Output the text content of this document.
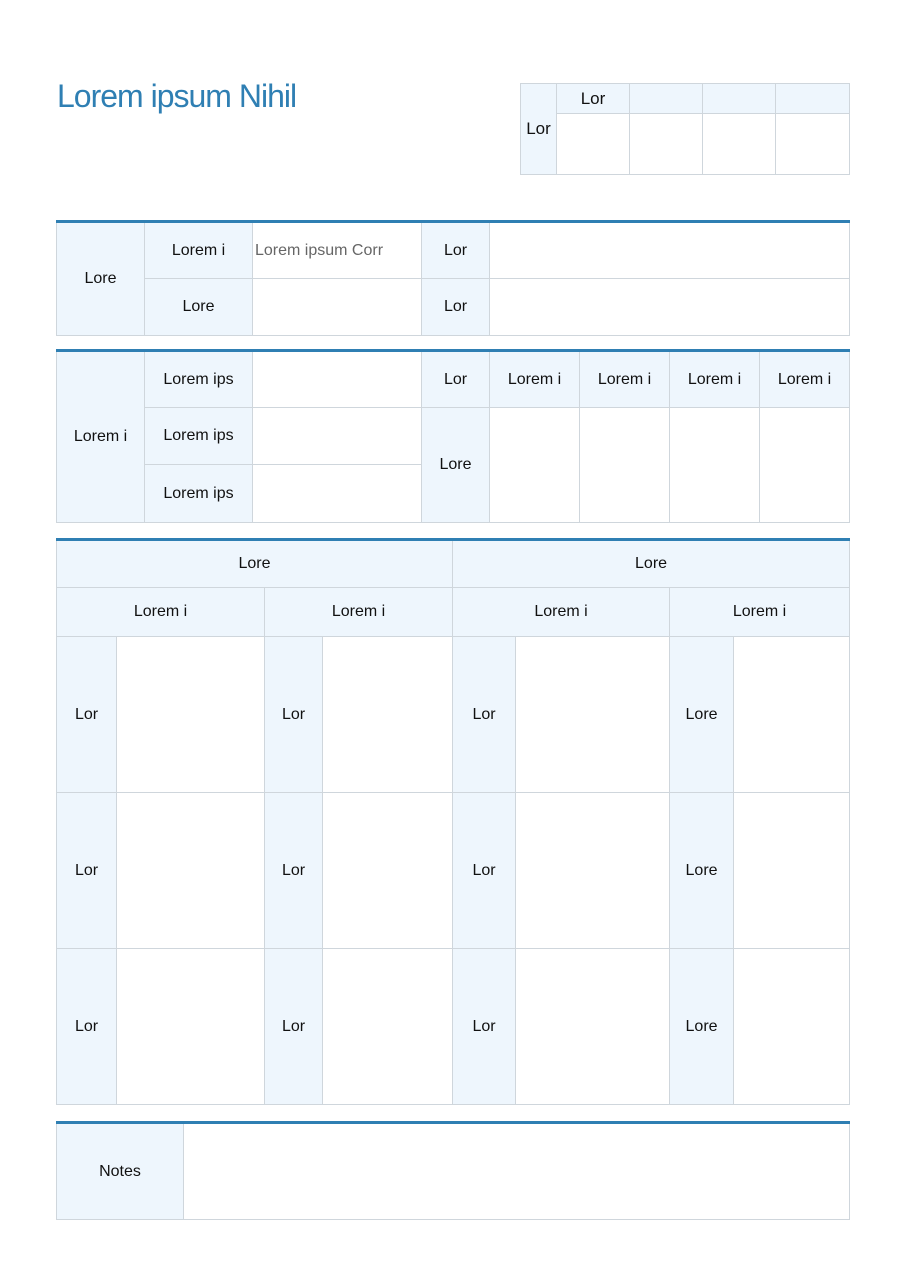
Lorem ipsum Nihil
Lor	Lor			

Lore	Lorem i	Lorem ipsum Corr	Lor	
	Lore		Lor	
Lorem i	Lorem ips		Lor	Lorem i	Lorem i	Lorem i	Lorem i
	Lorem ips		Lore				
	Lorem ips						
Lore				Lore			
Lorem i		Lorem i		Lorem i		Lorem i	
Lor		Lor		Lor		Lore	
Lor		Lor		Lor		Lore	
Lor		Lor		Lor		Lore	
Notes	
